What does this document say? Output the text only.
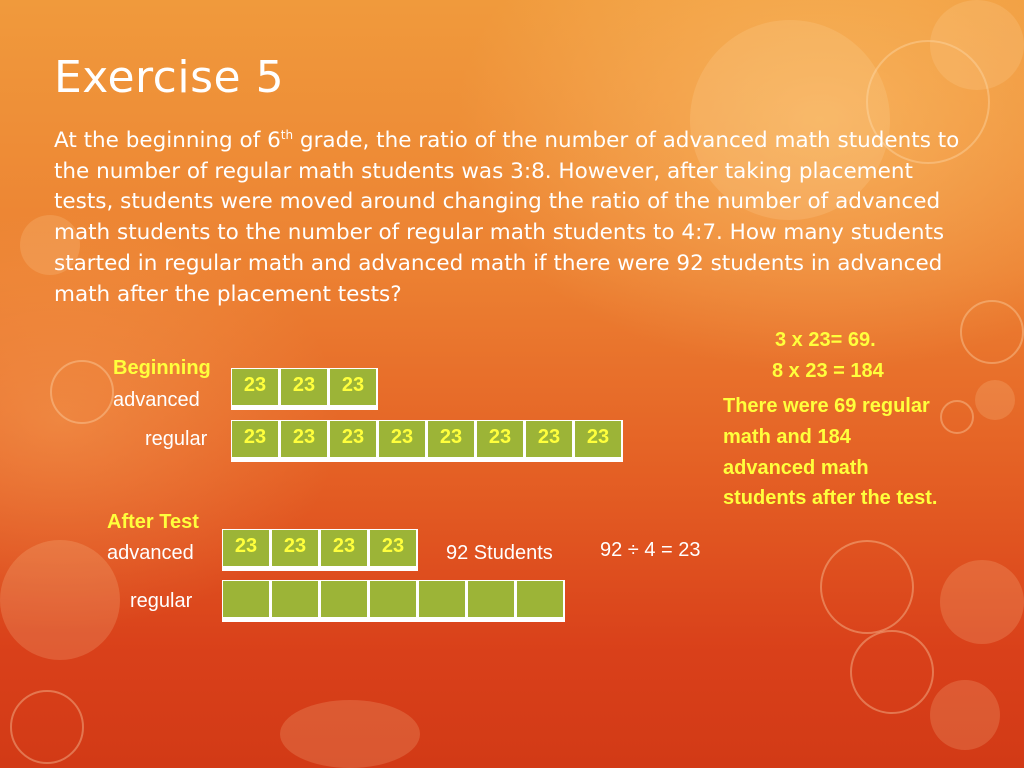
Exercise 5

At the beginning of 6th grade, the ratio of the number of advanced math students to the number of regular math students was 3:8. However, after taking placement tests, students were moved around changing the ratio of the number of advanced math students to the number of regular math students to 4:7. How many students started in regular math and advanced math if there were 92 students in advanced math after the placement tests?

Beginning
advanced
23	23	23
regular	23	23	23	23	23	23	23	23
After Test
advanced	23	23	23	23	92 Students 92 ÷ 4 = 23
regular
3 x 23= 69.
8 x 23 = 184
There were 69 regular math and 184 advanced math students after the test.
